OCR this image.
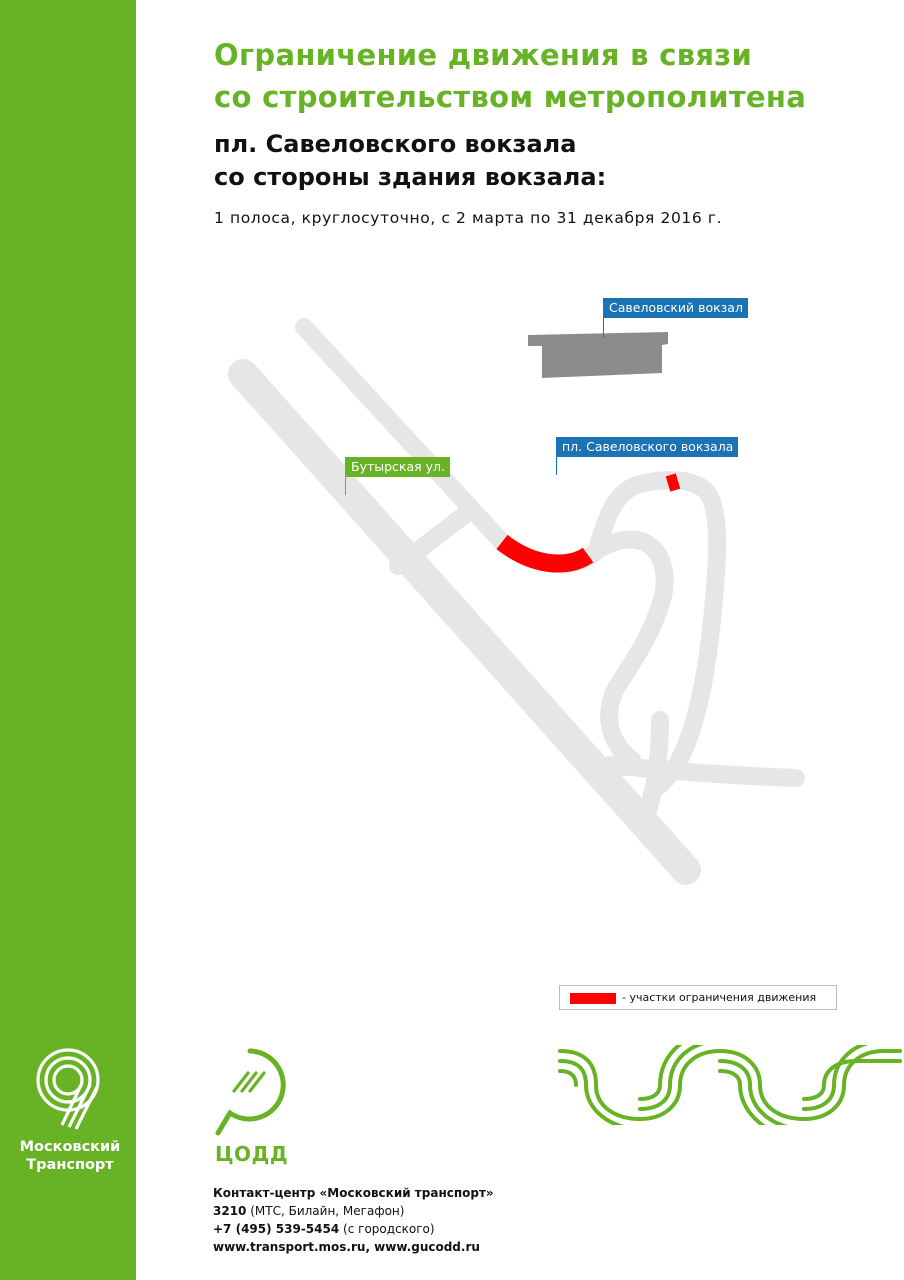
Московский
Транспорт
Ограничение движения в связи
со строительством метрополитена
пл. Савеловского вокзала
со стороны здания вокзала:
1 полоса, круглосуточно, с 2 марта по 31 декабря 2016 г.
Савеловский вокзал
пл. Савеловского вокзала
Бутырская ул.
- участки ограничения движения
ЦОДД
Контакт-центр «Московский транспорт»
3210 (МТС, Билайн, Мегафон)
+7 (495) 539-5454 (с городского)
www.transport.mos.ru, www.gucodd.ru
